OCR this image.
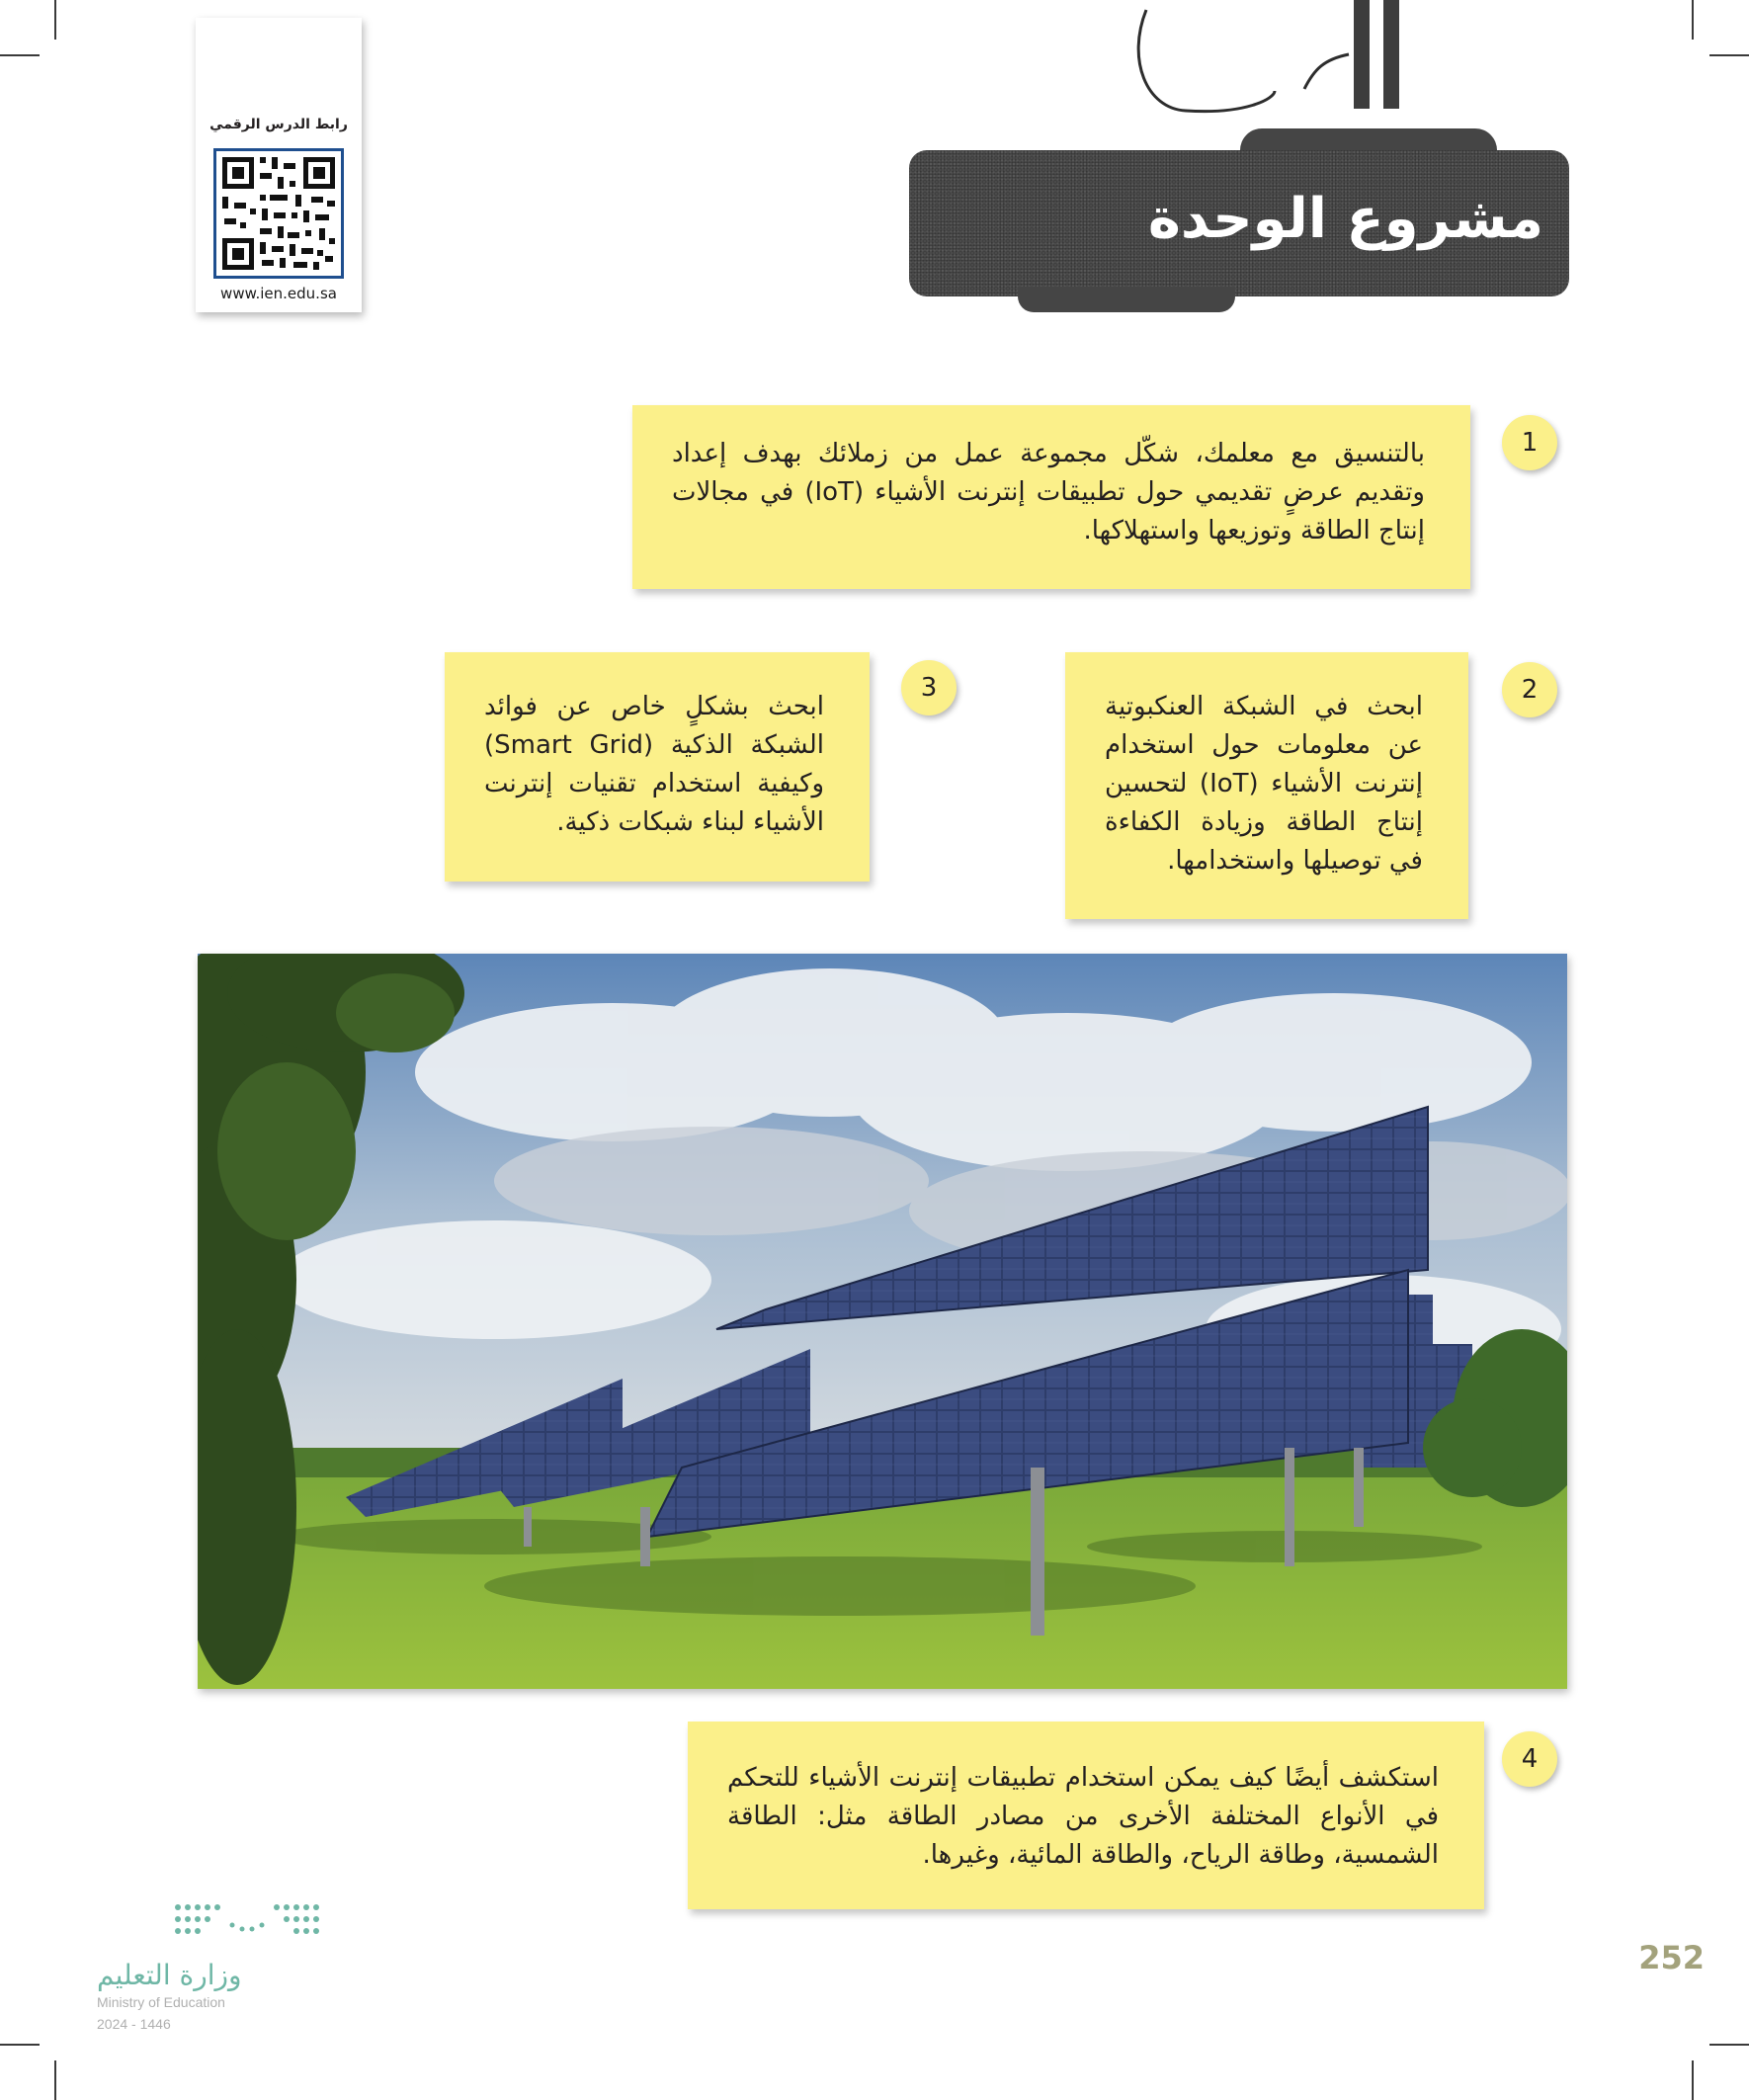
رابط الدرس الرقمي
www.ien.edu.sa
مشروع الوحدة
1
بالتنسيق مع معلمك، شكّل مجموعة عمل من زملائك بهدف إعداد وتقديم عرضٍ تقديمي حول تطبيقات إنترنت الأشياء (IoT) في مجالات إنتاج الطاقة وتوزيعها واستهلاكها.
2
ابحث في الشبكة العنكبوتية عن معلومات حول استخدام إنترنت الأشياء (IoT) لتحسين إنتاج الطاقة وزيادة الكفاءة في توصيلها واستخدامها.
3
ابحث بشكلٍ خاص عن فوائد الشبكة الذكية (Smart Grid) وكيفية استخدام تقنيات إنترنت الأشياء لبناء شبكات ذكية.
4
استكشف أيضًا كيف يمكن استخدام تطبيقات إنترنت الأشياء للتحكم في الأنواع المختلفة الأخرى من مصادر الطاقة مثل: الطاقة الشمسية، وطاقة الرياح، والطاقة المائية، وغيرها.
وزارة التعليم
Ministry of Education
2024 - 1446
252
